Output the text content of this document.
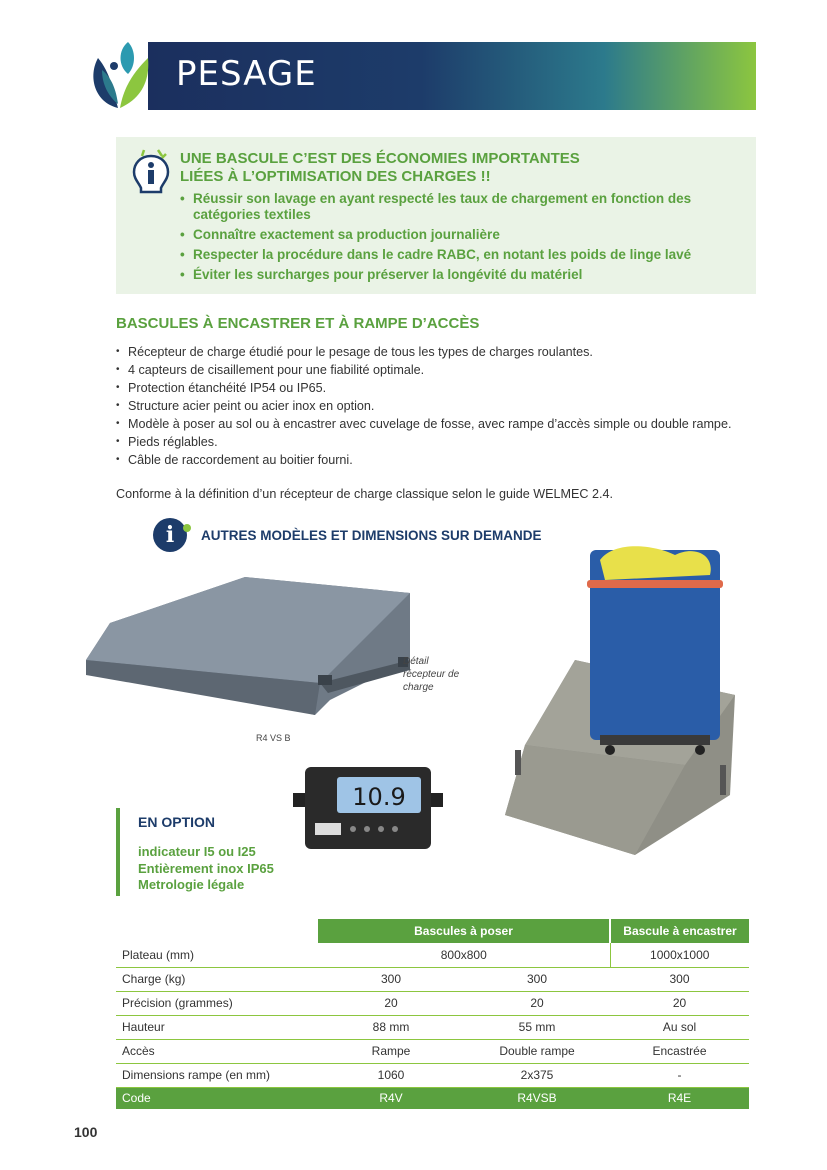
PESAGE
UNE BASCULE C’EST DES ÉCONOMIES IMPORTANTES
LIÉES À L’OPTIMISATION DES CHARGES !!
• Réussir son lavage en ayant respecté les taux de chargement en fonction des catégories textiles
• Connaître exactement sa production journalière
• Respecter la procédure dans le cadre RABC, en notant les poids de linge lavé
• Éviter les surcharges pour préserver la longévité du matériel
BASCULES À ENCASTRER ET À RAMPE D’ACCÈS
• Récepteur de charge étudié pour le pesage de tous les types de charges roulantes.
• 4 capteurs de cisaillement pour une fiabilité optimale.
• Protection étanchéité IP54 ou IP65.
• Structure acier peint ou acier inox en option.
• Modèle à poser au sol ou à encastrer avec cuvelage de fosse, avec rampe d’accès simple ou double rampe.
• Pieds réglables.
• Câble de raccordement au boitier fourni.
Conforme à la définition d’un récepteur de charge classique selon le guide WELMEC 2.4.
i	AUTRES MODÈLES ET DIMENSIONS SUR DEMANDE
Détail
récepteur de
charge
R4 VS B
10.9
EN OPTION
indicateur I5 ou I25
Entièrement inox IP65
Metrologie légale
	Bascules à poser		Bascule à encastrer
Plateau (mm)	800x800		1000x1000
Charge (kg)	300	300	300
Précision (grammes)	20	20	20
Hauteur	88 mm	55 mm	Au sol
Accès	Rampe	Double rampe	Encastrée
Dimensions rampe (en mm)	1060	2x375	-
Code	R4V	R4VSB	R4E
100
